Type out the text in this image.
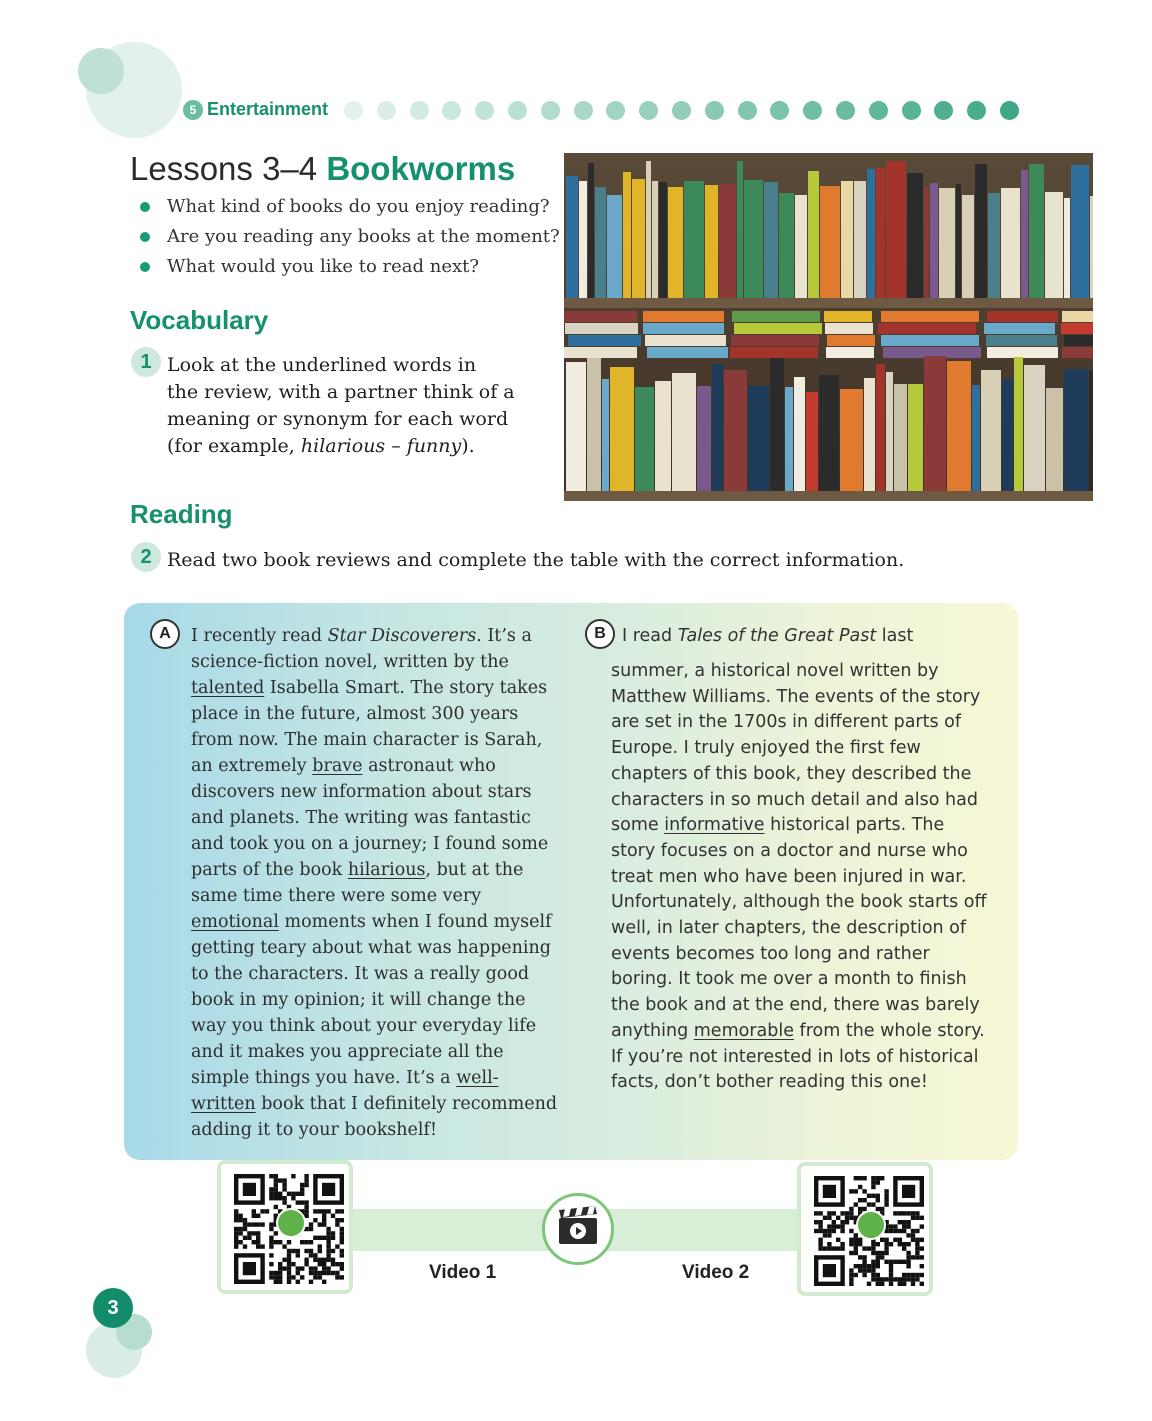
5 Entertainment
Lessons 3–4 Bookworms
What kind of books do you enjoy reading?
Are you reading any books at the moment?
What would you like to read next?
Vocabulary
1 Look at the underlined words in
the review, with a partner think of a
meaning or synonym for each word
(for example, hilarious – funny).
Reading
2 Read two book reviews and complete the table with the correct information.
A	I recently read Star Discoverers. It’s a science-fiction novel, written by the talented Isabella Smart. The story takes place in the future, almost 300 years from now. The main character is Sarah, an extremely brave astronaut who discovers new information about stars and planets. The writing was fantastic and took you on a journey; I found some parts of the book hilarious, but at the same time there were some very emotional moments when I found myself getting teary about what was happening to the characters. It was a really good book in my opinion; it will change the way you think about your everyday life and it makes you appreciate all the simple things you have. It’s a well-written book that I definitely recommend adding it to your bookshelf!
B I read Tales of the Great Past last
summer, a historical novel written by Matthew Williams. The events of the story are set in the 1700s in different parts of Europe. I truly enjoyed the first few chapters of this book, they described the characters in so much detail and also had some informative historical parts. The story focuses on a doctor and nurse who treat men who have been injured in war. Unfortunately, although the book starts off well, in later chapters, the description of events becomes too long and rather boring. It took me over a month to finish the book and at the end, there was barely anything memorable from the whole story. If you’re not interested in lots of historical facts, don’t bother reading this one!
Video 1	Video 2
3
